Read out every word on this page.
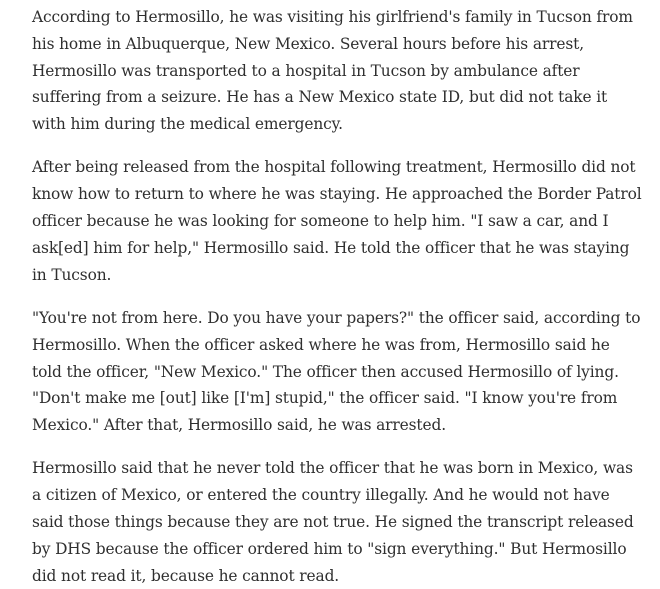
According to Hermosillo, he was visiting his girlfriend's family in Tucson from his home in Albuquerque, New Mexico. Several hours before his arrest, Hermosillo was transported to a hospital in Tucson by ambulance after suffering from a seizure. He has a New Mexico state ID, but did not take it with him during the medical emergency.

After being released from the hospital following treatment, Hermosillo did not know how to return to where he was staying. He approached the Border Patrol officer because he was looking for someone to help him. "I saw a car, and I ask[ed] him for help," Hermosillo said. He told the officer that he was staying in Tucson.

"You're not from here. Do you have your papers?" the officer said, according to Hermosillo. When the officer asked where he was from, Hermosillo said he told the officer, "New Mexico." The officer then accused Hermosillo of lying. "Don't make me [out] like [I'm] stupid," the officer said. "I know you're from Mexico." After that, Hermosillo said, he was arrested.

Hermosillo said that he never told the officer that he was born in Mexico, was a citizen of Mexico, or entered the country illegally. And he would not have said those things because they are not true. He signed the transcript released by DHS because the officer ordered him to "sign everything." But Hermosillo did not read it, because he cannot read.
